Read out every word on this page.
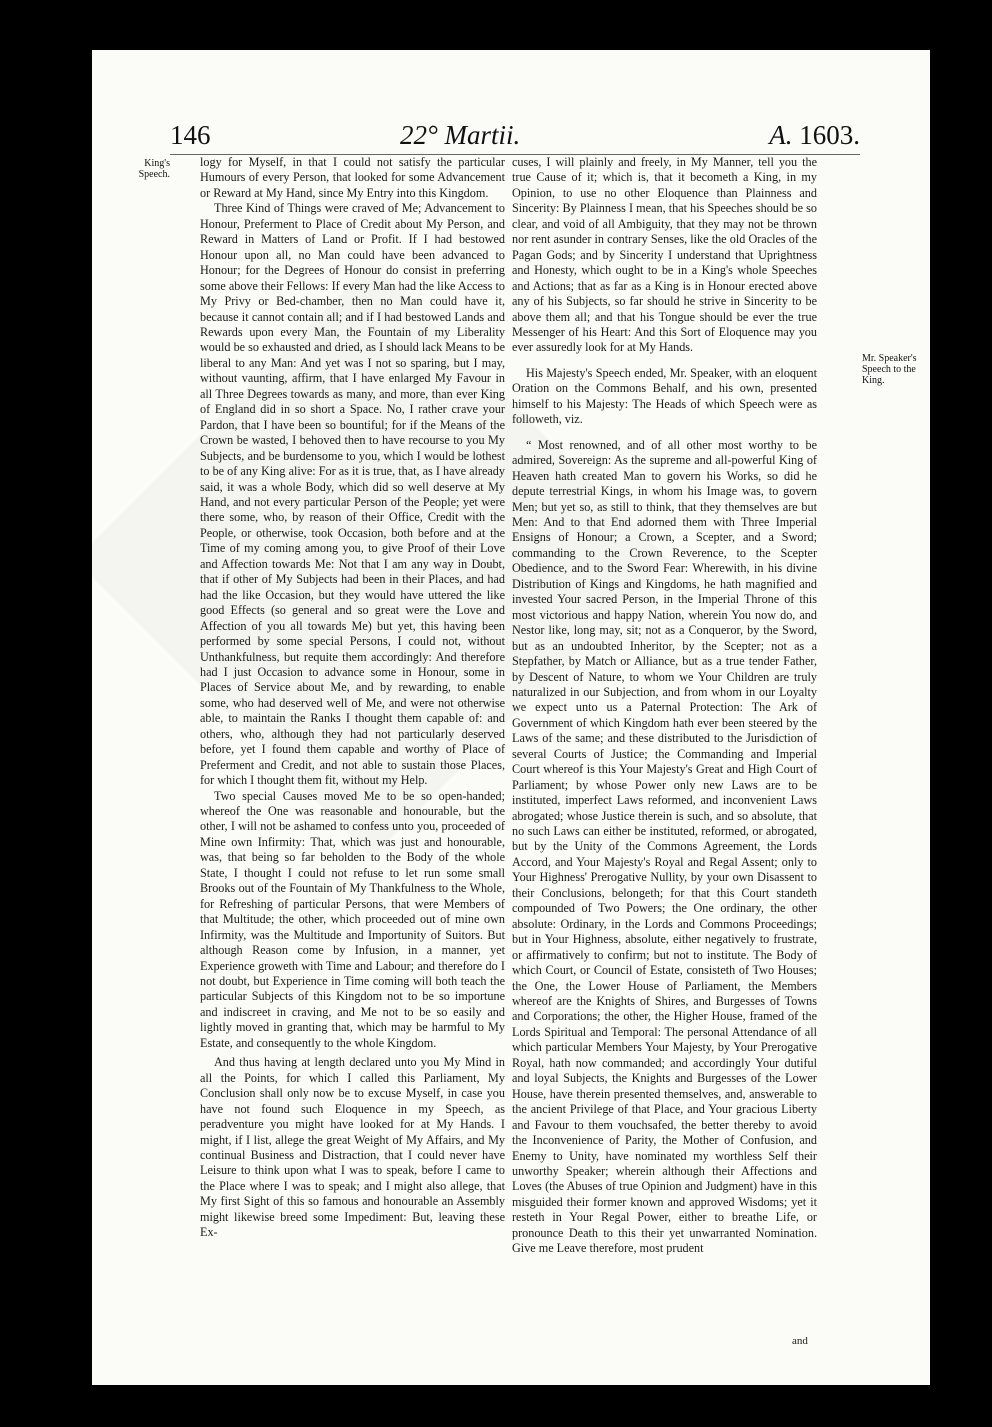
146	22° Martii.	A. 1603.
King's Speech.
Mr. Speaker's Speech to the King.

logy for Myself, in that I could not satisfy the particular Humours of every Person, that looked for some Advancement or Reward at My Hand, since My Entry into this Kingdom.

Three Kind of Things were craved of Me; Advancement to Honour, Preferment to Place of Credit about My Person, and Reward in Matters of Land or Profit. If I had bestowed Honour upon all, no Man could have been advanced to Honour; for the Degrees of Honour do consist in preferring some above their Fellows: If every Man had the like Access to My Privy or Bed-chamber, then no Man could have it, because it cannot contain all; and if I had bestowed Lands and Rewards upon every Man, the Fountain of my Liberality would be so exhausted and dried, as I should lack Means to be liberal to any Man: And yet was I not so sparing, but I may, without vaunting, affirm, that I have enlarged My Favour in all Three Degrees towards as many, and more, than ever King of England did in so short a Space. No, I rather crave your Pardon, that I have been so bountiful; for if the Means of the Crown be wasted, I behoved then to have recourse to you My Subjects, and be burdensome to you, which I would be lothest to be of any King alive: For as it is true, that, as I have already said, it was a whole Body, which did so well deserve at My Hand, and not every particular Person of the People; yet were there some, who, by reason of their Office, Credit with the People, or otherwise, took Occasion, both before and at the Time of my coming among you, to give Proof of their Love and Affection towards Me: Not that I am any way in Doubt, that if other of My Subjects had been in their Places, and had had the like Occasion, but they would have uttered the like good Effects (so general and so great were the Love and Affection of you all towards Me) but yet, this having been performed by some special Persons, I could not, without Unthankfulness, but requite them accordingly: And therefore had I just Occasion to advance some in Honour, some in Places of Service about Me, and by rewarding, to enable some, who had deserved well of Me, and were not otherwise able, to maintain the Ranks I thought them capable of: and others, who, although they had not particularly deserved before, yet I found them capable and worthy of Place of Preferment and Credit, and not able to sustain those Places, for which I thought them fit, without my Help.

Two special Causes moved Me to be so open-handed; whereof the One was reasonable and honourable, but the other, I will not be ashamed to confess unto you, proceeded of Mine own Infirmity: That, which was just and honourable, was, that being so far beholden to the Body of the whole State, I thought I could not refuse to let run some small Brooks out of the Fountain of My Thankfulness to the Whole, for Refreshing of particular Persons, that were Members of that Multitude; the other, which proceeded out of mine own Infirmity, was the Multitude and Importunity of Suitors. But although Reason come by Infusion, in a manner, yet Experience groweth with Time and Labour; and therefore do I not doubt, but Experience in Time coming will both teach the particular Subjects of this Kingdom not to be so importune and indiscreet in craving, and Me not to be so easily and lightly moved in granting that, which may be harmful to My Estate, and consequently to the whole Kingdom.

And thus having at length declared unto you My Mind in all the Points, for which I called this Parliament, My Conclusion shall only now be to excuse Myself, in case you have not found such Eloquence in my Speech, as peradventure you might have looked for at My Hands. I might, if I list, allege the great Weight of My Affairs, and My continual Business and Distraction, that I could never have Leisure to think upon what I was to speak, before I came to the Place where I was to speak; and I might also allege, that My first Sight of this so famous and honourable an Assembly might likewise breed some Impediment: But, leaving these Ex-

cuses, I will plainly and freely, in My Manner, tell you the true Cause of it; which is, that it becometh a King, in my Opinion, to use no other Eloquence than Plainness and Sincerity: By Plainness I mean, that his Speeches should be so clear, and void of all Ambiguity, that they may not be thrown nor rent asunder in contrary Senses, like the old Oracles of the Pagan Gods; and by Sincerity I understand that Uprightness and Honesty, which ought to be in a King's whole Speeches and Actions; that as far as a King is in Honour erected above any of his Subjects, so far should he strive in Sincerity to be above them all; and that his Tongue should be ever the true Messenger of his Heart: And this Sort of Eloquence may you ever assuredly look for at My Hands.

His Majesty's Speech ended, Mr. Speaker, with an eloquent Oration on the Commons Behalf, and his own, presented himself to his Majesty: The Heads of which Speech were as followeth, viz.

“ Most renowned, and of all other most worthy to be admired, Sovereign: As the supreme and all-powerful King of Heaven hath created Man to govern his Works, so did he depute terrestrial Kings, in whom his Image was, to govern Men; but yet so, as still to think, that they themselves are but Men: And to that End adorned them with Three Imperial Ensigns of Honour; a Crown, a Scepter, and a Sword; commanding to the Crown Reverence, to the Scepter Obedience, and to the Sword Fear: Wherewith, in his divine Distribution of Kings and Kingdoms, he hath magnified and invested Your sacred Person, in the Imperial Throne of this most victorious and happy Nation, wherein You now do, and Nestor like, long may, sit; not as a Conqueror, by the Sword, but as an undoubted Inheritor, by the Scepter; not as a Stepfather, by Match or Alliance, but as a true tender Father, by Descent of Nature, to whom we Your Children are truly naturalized in our Subjection, and from whom in our Loyalty we expect unto us a Paternal Protection: The Ark of Government of which Kingdom hath ever been steered by the Laws of the same; and these distributed to the Jurisdiction of several Courts of Justice; the Commanding and Imperial Court whereof is this Your Majesty's Great and High Court of Parliament; by whose Power only new Laws are to be instituted, imperfect Laws reformed, and inconvenient Laws abrogated; whose Justice therein is such, and so absolute, that no such Laws can either be instituted, reformed, or abrogated, but by the Unity of the Commons Agreement, the Lords Accord, and Your Majesty's Royal and Regal Assent; only to Your Highness' Prerogative Nullity, by your own Disassent to their Conclusions, belongeth; for that this Court standeth compounded of Two Powers; the One ordinary, the other absolute: Ordinary, in the Lords and Commons Proceedings; but in Your Highness, absolute, either negatively to frustrate, or affirmatively to confirm; but not to institute. The Body of which Court, or Council of Estate, consisteth of Two Houses; the One, the Lower House of Parliament, the Members whereof are the Knights of Shires, and Burgesses of Towns and Corporations; the other, the Higher House, framed of the Lords Spiritual and Temporal: The personal Attendance of all which particular Members Your Majesty, by Your Prerogative Royal, hath now commanded; and accordingly Your dutiful and loyal Subjects, the Knights and Burgesses of the Lower House, have therein presented themselves, and, answerable to the ancient Privilege of that Place, and Your gracious Liberty and Favour to them vouchsafed, the better thereby to avoid the Inconvenience of Parity, the Mother of Confusion, and Enemy to Unity, have nominated my worthless Self their unworthy Speaker; wherein although their Affections and Loves (the Abuses of true Opinion and Judgment) have in this misguided their former known and approved Wisdoms; yet it resteth in Your Regal Power, either to breathe Life, or pronounce Death to this their yet unwarranted Nomination. Give me Leave therefore, most prudent

and
